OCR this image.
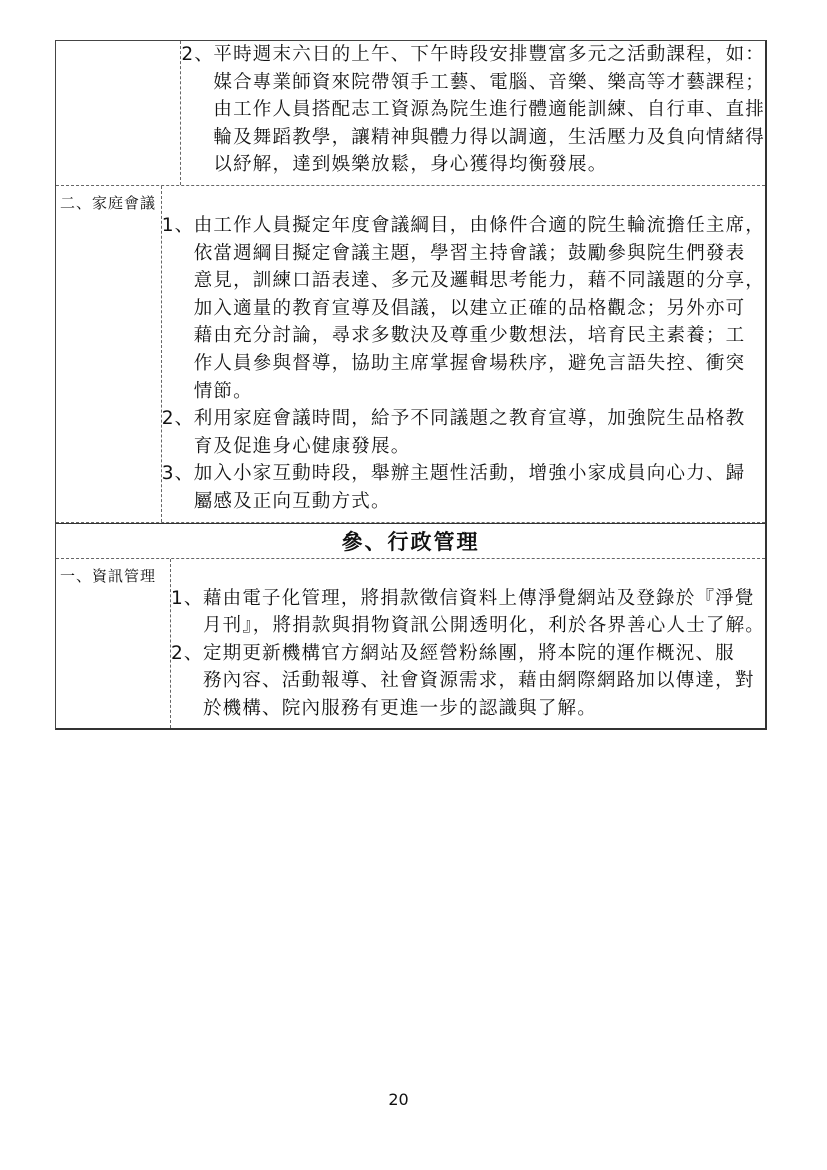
2、 平時週末六日的上午、下午時段安排豐富多元之活動課程，如：
媒合專業師資來院帶領手工藝、電腦、音樂、樂高等才藝課程；
由工作人員搭配志工資源為院生進行體適能訓練、自行車、直排
輪及舞蹈教學，讓精神與體力得以調適，生活壓力及負向情緒得
以紓解，達到娛樂放鬆，身心獲得均衡發展。
二、家庭會議
1、 由工作人員擬定年度會議綱目，由條件合適的院生輪流擔任主席，
依當週綱目擬定會議主題，學習主持會議；鼓勵參與院生們發表
意見，訓練口語表達、多元及邏輯思考能力，藉不同議題的分享，
加入適量的教育宣導及倡議，以建立正確的品格觀念；另外亦可
藉由充分討論，尋求多數決及尊重少數想法，培育民主素養；工
作人員參與督導，協助主席掌握會場秩序，避免言語失控、衝突
情節。
2、 利用家庭會議時間，給予不同議題之教育宣導，加強院生品格教
育及促進身心健康發展。
3、 加入小家互動時段，舉辦主題性活動，增強小家成員向心力、歸
屬感及正向互動方式。
參、行政管理
一、資訊管理
1、 藉由電子化管理，將捐款徵信資料上傳淨覺網站及登錄於『淨覺
月刊』，將捐款與捐物資訊公開透明化，利於各界善心人士了解。
2、 定期更新機構官方網站及經營粉絲團，將本院的運作概況、服
務內容、活動報導、社會資源需求，藉由網際網路加以傳達，對
於機構、院內服務有更進一步的認識與了解。
20
